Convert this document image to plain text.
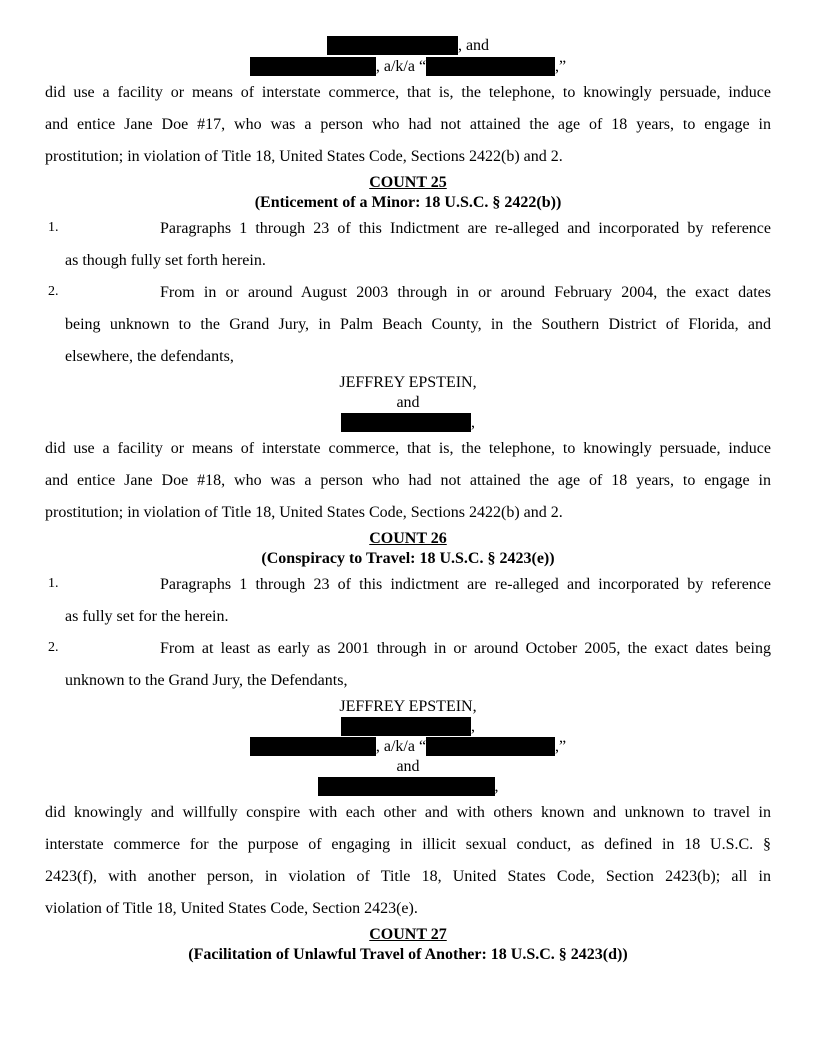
, and
, a/k/a “	,”
did use a facility or means of interstate commerce, that is, the telephone, to knowingly persuade, induce
and entice Jane Doe #17, who was a person who had not attained the age of 18 years, to engage in
prostitution; in violation of Title 18, United States Code, Sections 2422(b) and 2.
COUNT 25
(Enticement of a Minor: 18 U.S.C. § 2422(b))
1.	Paragraphs 1 through 23 of this Indictment are re-alleged and incorporated by reference
as though fully set forth herein.
2.	From in or around August 2003 through in or around February 2004, the exact dates
being unknown to the Grand Jury, in Palm Beach County, in the Southern District of Florida, and
elsewhere, the defendants,
JEFFREY EPSTEIN,
and
,
did use a facility or means of interstate commerce, that is, the telephone, to knowingly persuade, induce
and entice Jane Doe #18, who was a person who had not attained the age of 18 years, to engage in
prostitution; in violation of Title 18, United States Code, Sections 2422(b) and 2.
COUNT 26
(Conspiracy to Travel: 18 U.S.C. § 2423(e))
1.	Paragraphs 1 through 23 of this indictment are re-alleged and incorporated by reference
as fully set for the herein.
2.	From at least as early as 2001 through in or around October 2005, the exact dates being
unknown to the Grand Jury, the Defendants,
JEFFREY EPSTEIN,
,
, a/k/a “	,”
and
,
did knowingly and willfully conspire with each other and with others known and unknown to travel in
interstate commerce for the purpose of engaging in illicit sexual conduct, as defined in 18 U.S.C. §
2423(f), with another person, in violation of Title 18, United States Code, Section 2423(b); all in
violation of Title 18, United States Code, Section 2423(e).
COUNT 27
(Facilitation of Unlawful Travel of Another: 18 U.S.C. § 2423(d))
